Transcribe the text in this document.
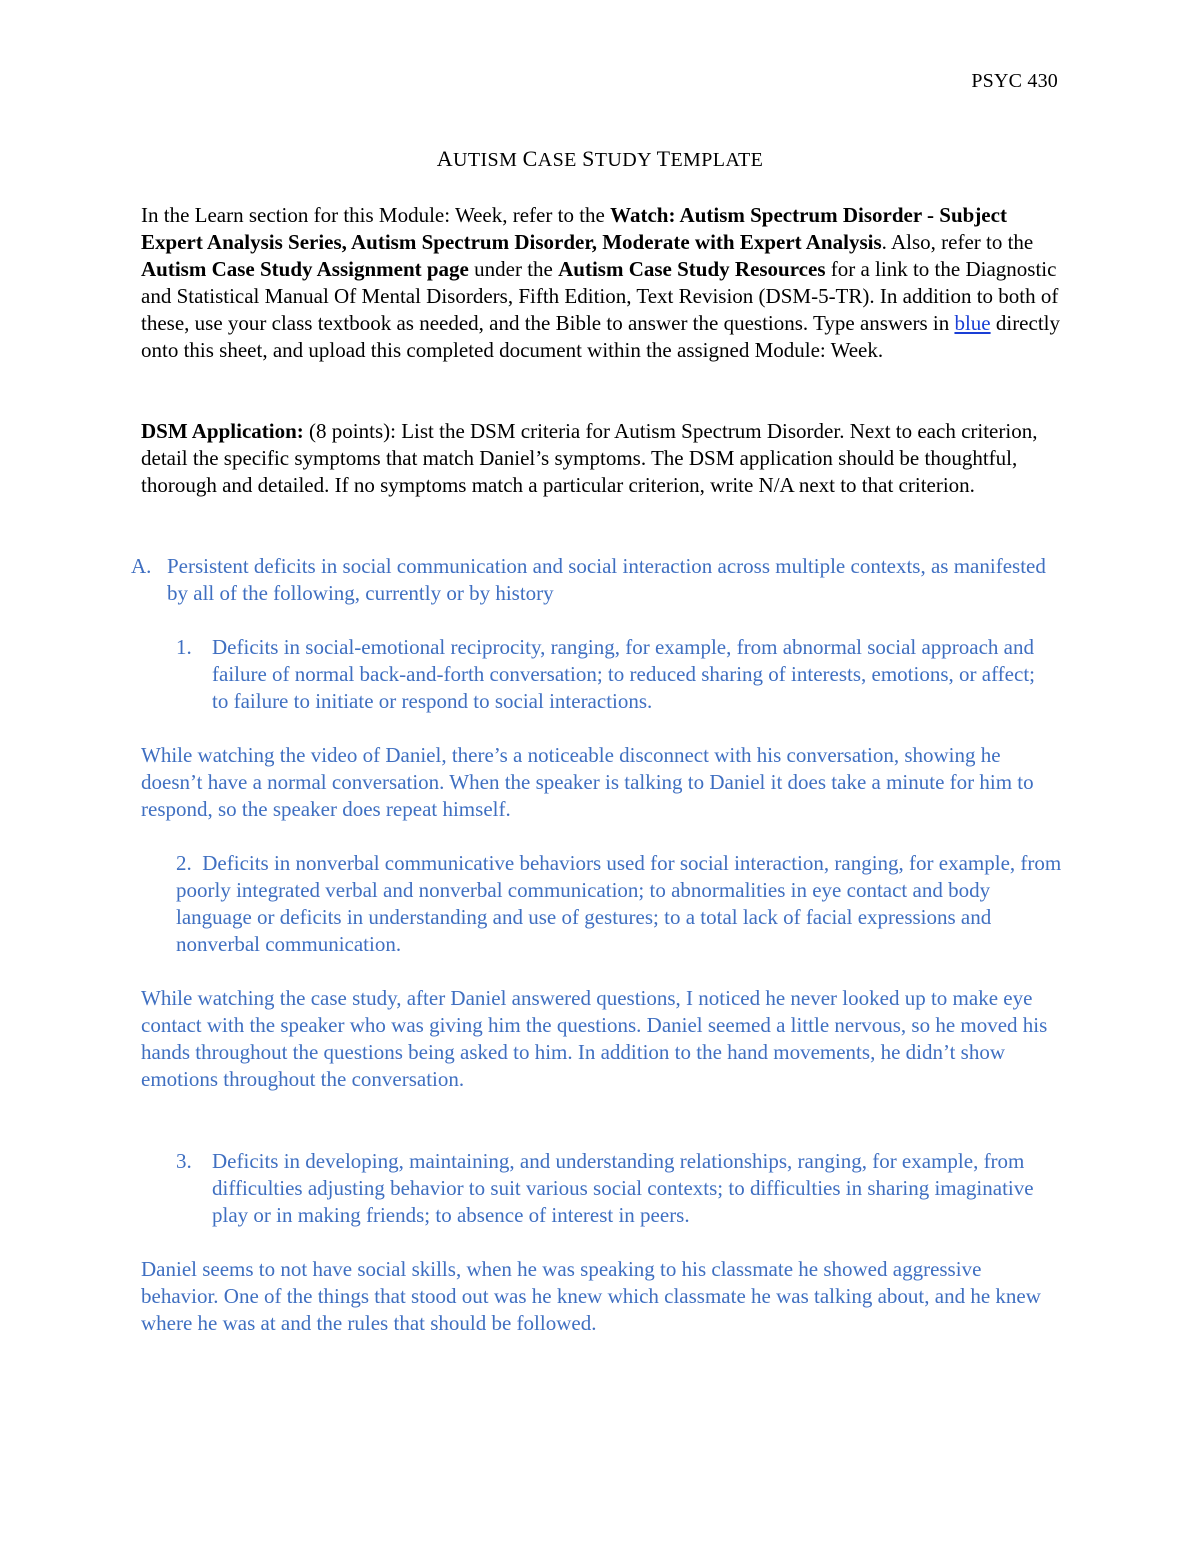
PSYC 430
AUTISM CASE STUDY TEMPLATE
In the Learn section for this Module: Week, refer to the Watch: Autism Spectrum Disorder - Subject Expert Analysis Series, Autism Spectrum Disorder, Moderate with Expert Analysis. Also, refer to the Autism Case Study Assignment page under the Autism Case Study Resources for a link to the Diagnostic and Statistical Manual Of Mental Disorders, Fifth Edition, Text Revision (DSM-5-TR). In addition to both of these, use your class textbook as needed, and the Bible to answer the questions. Type answers in blue directly onto this sheet, and upload this completed document within the assigned Module: Week.
DSM Application: (8 points): List the DSM criteria for Autism Spectrum Disorder. Next to each criterion, detail the specific symptoms that match Daniel’s symptoms. The DSM application should be thoughtful, thorough and detailed. If no symptoms match a particular criterion, write N/A next to that criterion.
A. Persistent deficits in social communication and social interaction across multiple contexts, as manifested by all of the following, currently or by history
1. Deficits in social-emotional reciprocity, ranging, for example, from abnormal social approach and failure of normal back-and-forth conversation; to reduced sharing of interests, emotions, or affect; to failure to initiate or respond to social interactions.
While watching the video of Daniel, there’s a noticeable disconnect with his conversation, showing he doesn’t have a normal conversation. When the speaker is talking to Daniel it does take a minute for him to respond, so the speaker does repeat himself.
2. Deficits in nonverbal communicative behaviors used for social interaction, ranging, for example, from poorly integrated verbal and nonverbal communication; to abnormalities in eye contact and body language or deficits in understanding and use of gestures; to a total lack of facial expressions and nonverbal communication.
While watching the case study, after Daniel answered questions, I noticed he never looked up to make eye contact with the speaker who was giving him the questions. Daniel seemed a little nervous, so he moved his hands throughout the questions being asked to him. In addition to the hand movements, he didn’t show emotions throughout the conversation.
3. Deficits in developing, maintaining, and understanding relationships, ranging, for example, from difficulties adjusting behavior to suit various social contexts; to difficulties in sharing imaginative play or in making friends; to absence of interest in peers.
Daniel seems to not have social skills, when he was speaking to his classmate he showed aggressive behavior. One of the things that stood out was he knew which classmate he was talking about, and he knew where he was at and the rules that should be followed.
